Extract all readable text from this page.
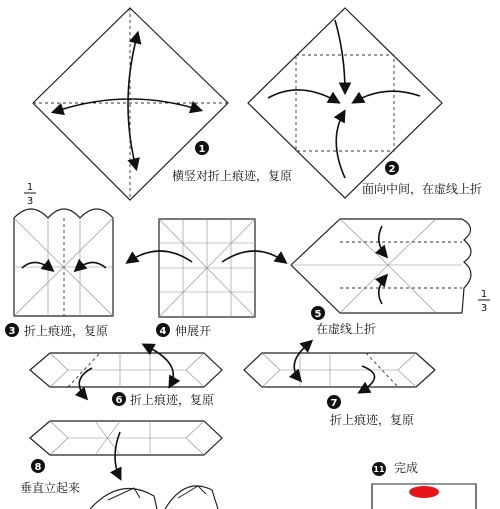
1
横竖对折上痕迹，复原	2
面向中间，在虚线上折
1
3
3 折上痕迹，复原	4 伸展开
1
3
5
在虚线上折
6 折上痕迹，复原	7
折上痕迹，复原
8
垂直立起来
11 完成
